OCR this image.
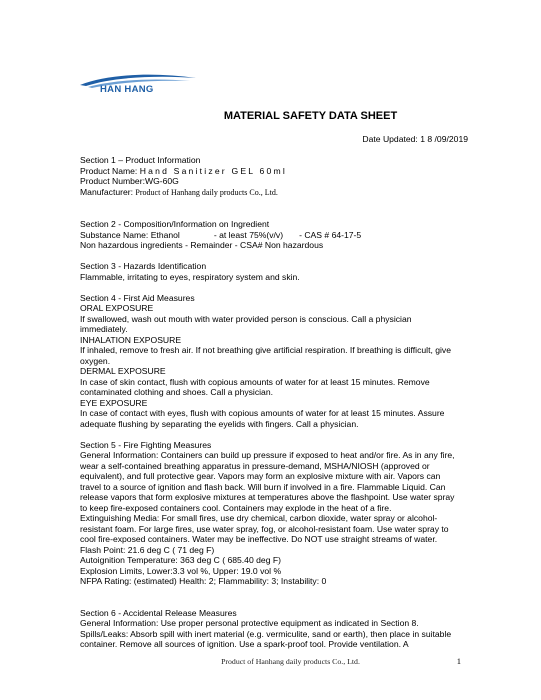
HAN HANG
MATERIAL SAFETY DATA SHEET
Date Updated: 1 8 /09/2019

Section 1 – Product Information

Product Name: Hand Sanitizer GEL 60ml

Product Number:WG-60G

Manufacturer: Product of Hanhang daily products Co., Ltd.

Section 2 - Composition/Information on Ingredient

Substance Name: Ethanol	- at least 75%(v/v) - CAS # 64-17-5

Non hazardous ingredients - Remainder - CSA# Non hazardous

Section 3 - Hazards Identification

Flammable, irritating to eyes, respiratory system and skin.

Section 4 - First Aid Measures

ORAL EXPOSURE

If swallowed, wash out mouth with water provided person is conscious. Call a physician immediately.

INHALATION EXPOSURE

If inhaled, remove to fresh air. If not breathing give artificial respiration. If breathing is difficult, give oxygen.

DERMAL EXPOSURE

In case of skin contact, flush with copious amounts of water for at least 15 minutes. Remove contaminated clothing and shoes. Call a physician.

EYE EXPOSURE

In case of contact with eyes, flush with copious amounts of water for at least 15 minutes. Assure adequate flushing by separating the eyelids with fingers. Call a physician.

Section 5 - Fire Fighting Measures

General Information: Containers can build up pressure if exposed to heat and/or fire. As in any fire, wear a self-contained breathing apparatus in pressure-demand, MSHA/NIOSH (approved or equivalent), and full protective gear. Vapors may form an explosive mixture with air. Vapors can travel to a source of ignition and flash back. Will burn if involved in a fire. Flammable Liquid. Can release vapors that form explosive mixtures at temperatures above the flashpoint. Use water spray to keep fire-exposed containers cool. Containers may explode in the heat of a fire.

Extinguishing Media: For small fires, use dry chemical, carbon dioxide, water spray or alcohol-resistant foam. For large fires, use water spray, fog, or alcohol-resistant foam. Use water spray to cool fire-exposed containers. Water may be ineffective. Do NOT use straight streams of water.

Flash Point: 21.6 deg C ( 71 deg F)

Autoignition Temperature: 363 deg C ( 685.40 deg F)

Explosion Limits, Lower:3.3 vol %, Upper: 19.0 vol %

NFPA Rating: (estimated) Health: 2; Flammability: 3; Instability: 0

Section 6 - Accidental Release Measures

General Information: Use proper personal protective equipment as indicated in Section 8.

Spills/Leaks: Absorb spill with inert material (e.g. vermiculite, sand or earth), then place in suitable container. Remove all sources of ignition. Use a spark-proof tool. Provide ventilation. A

Product of Hanhang daily products Co., Ltd.	1
